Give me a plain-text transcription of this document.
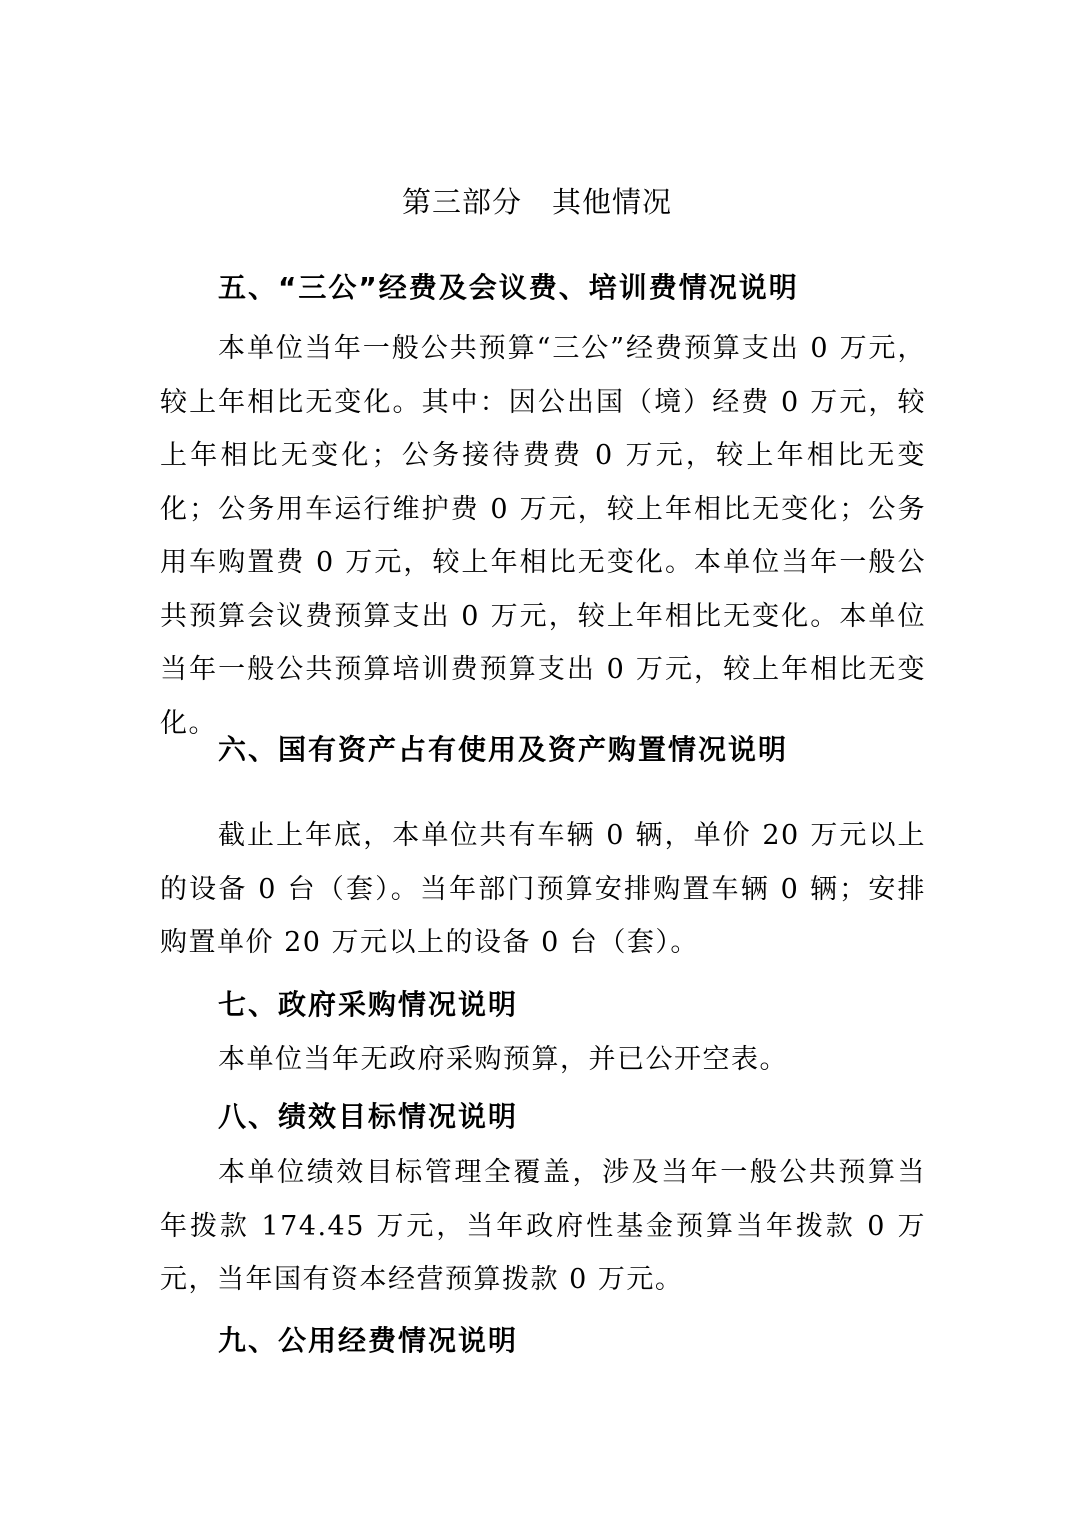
第三部分　其他情况
五、“三公”经费及会议费、培训费情况说明
本单位当年一般公共预算“三公”经费预算支出 0 万元，较上年相比无变化。其中：因公出国（境）经费 0 万元，较上年相比无变化；公务接待费费 0 万元，较上年相比无变化；公务用车运行维护费 0 万元，较上年相比无变化；公务用车购置费 0 万元，较上年相比无变化。本单位当年一般公共预算会议费预算支出 0 万元，较上年相比无变化。本单位当年一般公共预算培训费预算支出 0 万元，较上年相比无变化。
六、国有资产占有使用及资产购置情况说明
截止上年底，本单位共有车辆 0 辆，单价 20 万元以上的设备 0 台（套）。当年部门预算安排购置车辆 0 辆；安排购置单价 20 万元以上的设备 0 台（套）。
七、政府采购情况说明
本单位当年无政府采购预算，并已公开空表。
八、绩效目标情况说明
本单位绩效目标管理全覆盖，涉及当年一般公共预算当年拨款 174.45 万元，当年政府性基金预算当年拨款 0 万元，当年国有资本经营预算拨款 0 万元。
九、公用经费情况说明
